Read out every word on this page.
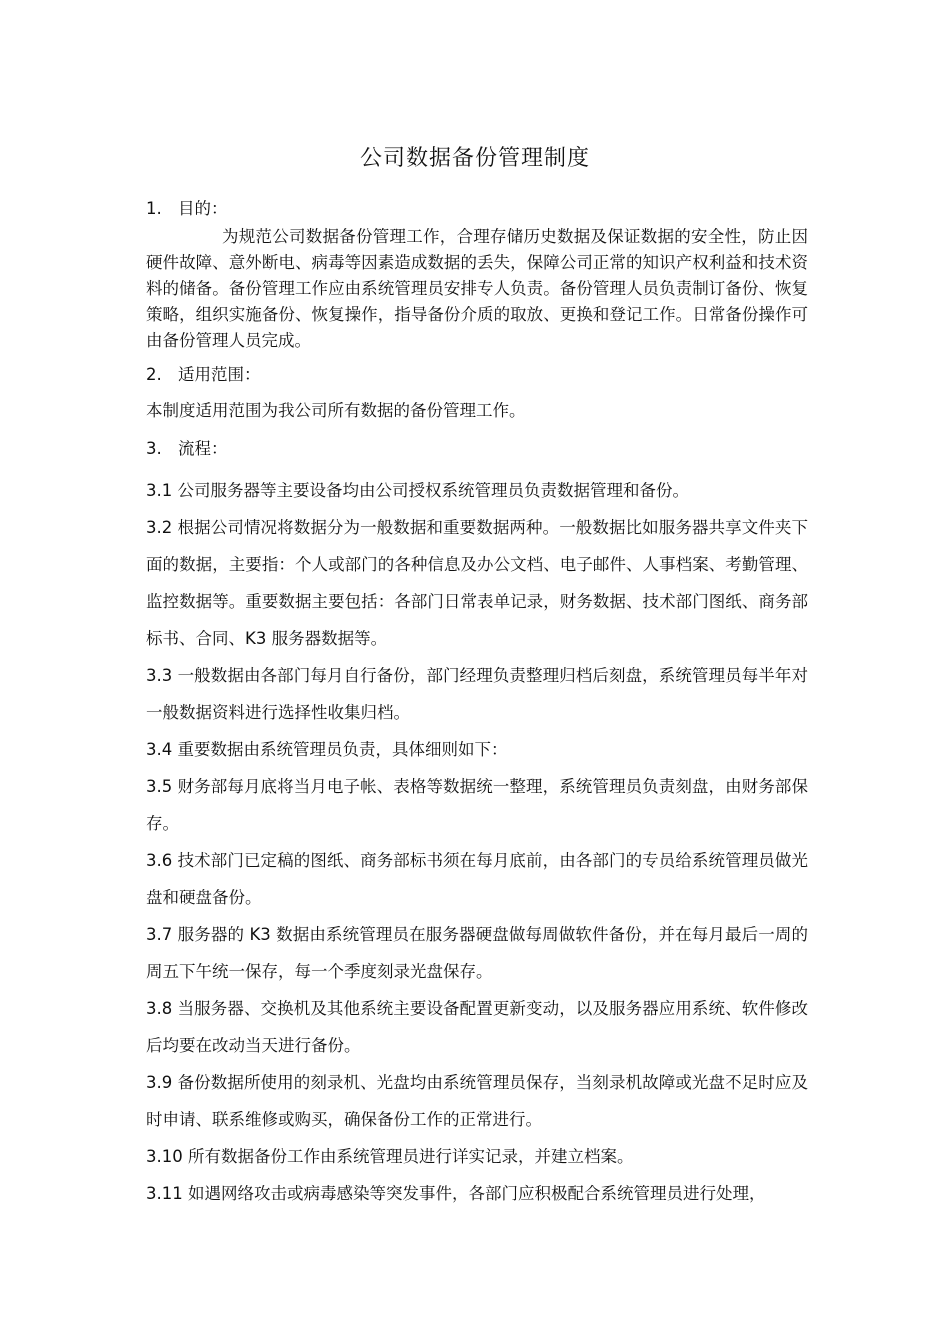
公司数据备份管理制度
1. 目的：

为规范公司数据备份管理工作，合理存储历史数据及保证数据的安全性，防止因硬件故障、意外断电、病毒等因素造成数据的丢失，保障公司正常的知识产权利益和技术资料的储备。备份管理工作应由系统管理员安排专人负责。备份管理人员负责制订备份、恢复策略，组织实施备份、恢复操作，指导备份介质的取放、更换和登记工作。日常备份操作可由备份管理人员完成。

2. 适用范围：

本制度适用范围为我公司所有数据的备份管理工作。

3. 流程：

3.1 公司服务器等主要设备均由公司授权系统管理员负责数据管理和备份。

3.2 根据公司情况将数据分为一般数据和重要数据两种。一般数据比如服务器共享文件夹下面的数据，主要指：个人或部门的各种信息及办公文档、电子邮件、人事档案、考勤管理、监控数据等。重要数据主要包括：各部门日常表单记录，财务数据、技术部门图纸、商务部标书、合同、K3 服务器数据等。

3.3 一般数据由各部门每月自行备份，部门经理负责整理归档后刻盘，系统管理员每半年对一般数据资料进行选择性收集归档。

3.4 重要数据由系统管理员负责，具体细则如下：

3.5 财务部每月底将当月电子帐、表格等数据统一整理，系统管理员负责刻盘，由财务部保存。

3.6 技术部门已定稿的图纸、商务部标书须在每月底前，由各部门的专员给系统管理员做光盘和硬盘备份。

3.7 服务器的 K3 数据由系统管理员在服务器硬盘做每周做软件备份，并在每月最后一周的周五下午统一保存，每一个季度刻录光盘保存。

3.8 当服务器、交换机及其他系统主要设备配置更新变动，以及服务器应用系统、软件修改后均要在改动当天进行备份。

3.9 备份数据所使用的刻录机、光盘均由系统管理员保存，当刻录机故障或光盘不足时应及时申请、联系维修或购买，确保备份工作的正常进行。

3.10 所有数据备份工作由系统管理员进行详实记录，并建立档案。

3.11 如遇网络攻击或病毒感染等突发事件，各部门应积极配合系统管理员进行处理，
